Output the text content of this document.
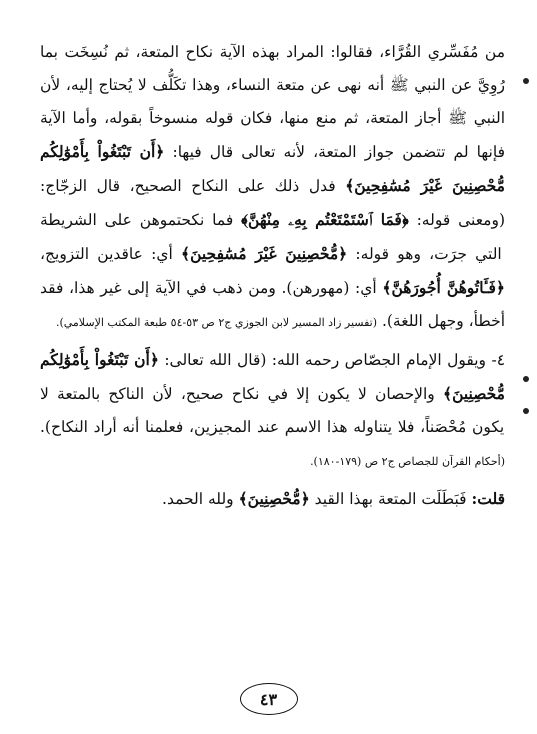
من مُفَسِّري القُرَّاء، فقالوا: المراد بهذه الآية نكاح المتعة، ثم نُسِخَت بما رُوِيَّ عن النبي ﷺ أنه نهى عن متعة النساء، وهذا تكَلُّف لا يُحتاج إليه، لأن النبي ﷺ أجاز المتعة، ثم منع منها، فكان قوله منسوخاً بقوله، وأما الآية فإنها لم تتضمن جواز المتعة، لأنه تعالى قال فيها: ﴿أَن تَبْتَغُواْ بِأَمْوَٰلِكُم مُّحْصِنِينَ غَيْرَ مُسَٰفِحِينَ﴾ فدل ذلك على النكاح الصحيح، قال الزجّاج: (ومعنى قوله: ﴿فَمَا ٱسْتَمْتَعْتُم بِهِۦ مِنْهُنَّ﴾ فما نكحتموهن على الشريطة التي جرَت، وهو قوله: ﴿مُّحْصِنِينَ غَيْرَ مُسَٰفِحِينَ﴾ أي: عاقدين التزويج، ﴿فَـَٔاتُوهُنَّ أُجُورَهُنَّ﴾ أي: (مهورهن). ومن ذهب في الآية إلى غير هذا، فقد أخطأ، وجهل اللغة). (تفسير زاد المسير لابن الجوزي ج٢ ص ٥٣-٥٤ طبعة المكتب الإسلامي).

٤- ويقول الإمام الجصّاص رحمه الله: (قال الله تعالى: ﴿أَن تَبْتَغُواْ بِأَمْوَٰلِكُم مُّحْصِنِينَ﴾ والإحصان لا يكون إلا في نكاح صحيح، لأن الناكح بالمتعة لا يكون مُحْصَناً، فلا يتناوله هذا الاسم عند المجيزين، فعلمنا أنه أراد النكاح). (أحكام القرآن للجصاص ج٢ ص (١٧٩-١٨٠).

قلت: فَبَطَلَت المتعة بهذا القيد ﴿مُّحْصِنِينَ﴾ ولله الحمد.

٤٣
